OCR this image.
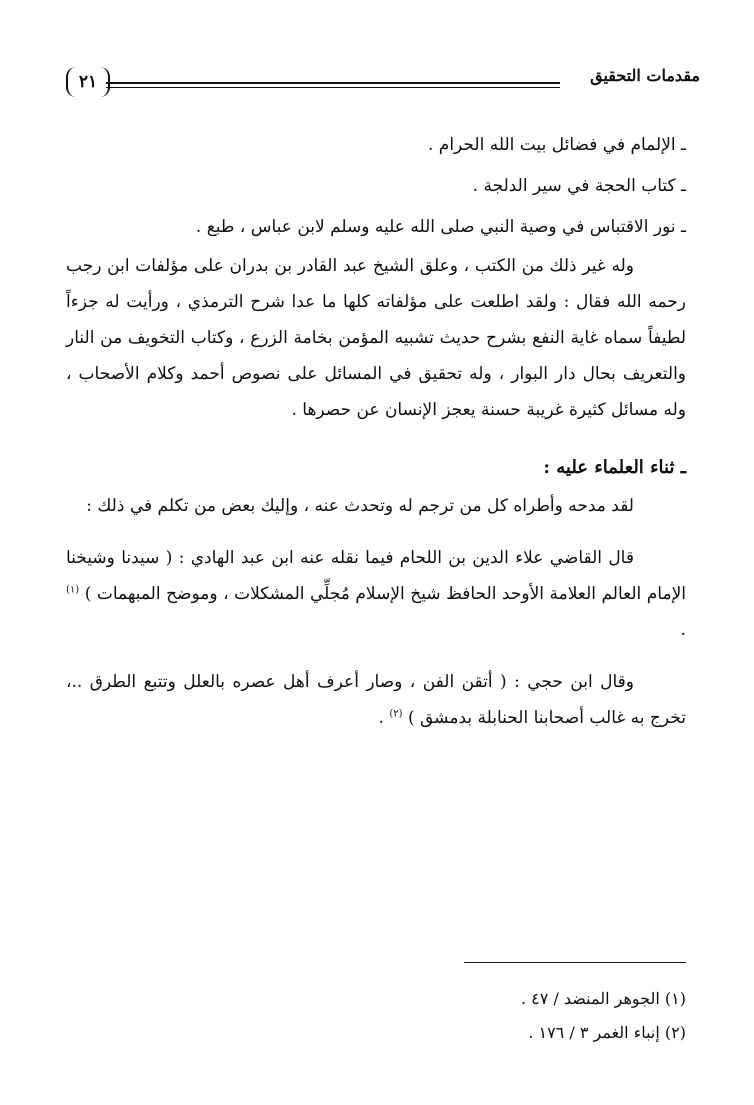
مقدمات التحقيق
٢١
ـ الإلمام في فضائل بيت الله الحرام .
ـ كتاب الحجة في سير الدلجة .
ـ نور الاقتباس في وصية النبي صلى الله عليه وسلم لابن عباس ، طبع .

وله غير ذلك من الكتب ، وعلق الشيخ عبد القادر بن بدران على مؤلفات ابن رجب رحمه الله فقال : ولقد اطلعت على مؤلفاته كلها ما عدا شرح الترمذي ، ورأيت له جزءاً لطيفاً سماه غاية النفع بشرح حديث تشبيه المؤمن بخامة الزرع ، وكتاب التخويف من النار والتعريف بحال دار البوار ، وله تحقيق في المسائل على نصوص أحمد وكلام الأصحاب ، وله مسائل كثيرة غريبة حسنة يعجز الإنسان عن حصرها .

ـ ثناء العلماء عليه :

لقد مدحه وأطراه كل من ترجم له وتحدث عنه ، وإليك بعض من تكلم في ذلك :

قال القاضي علاء الدين بن اللحام فيما نقله عنه ابن عبد الهادي : ( سيدنا وشيخنا الإمام العالم العلامة الأوحد الحافظ شيخ الإسلام مُجلِّي المشكلات ، وموضح المبهمات ) $^{(١)}$ .

وقال ابن حجي : ( أتقن الفن ، وصار أعرف أهل عصره بالعلل وتتبع الطرق ..، تخرج به غالب أصحابنا الحنابلة بدمشق ) $^{(٢)}$ .

(١) الجوهر المنضد / ٤٧ .
(٢) إنباء الغمر ٣ / ١٧٦ .
